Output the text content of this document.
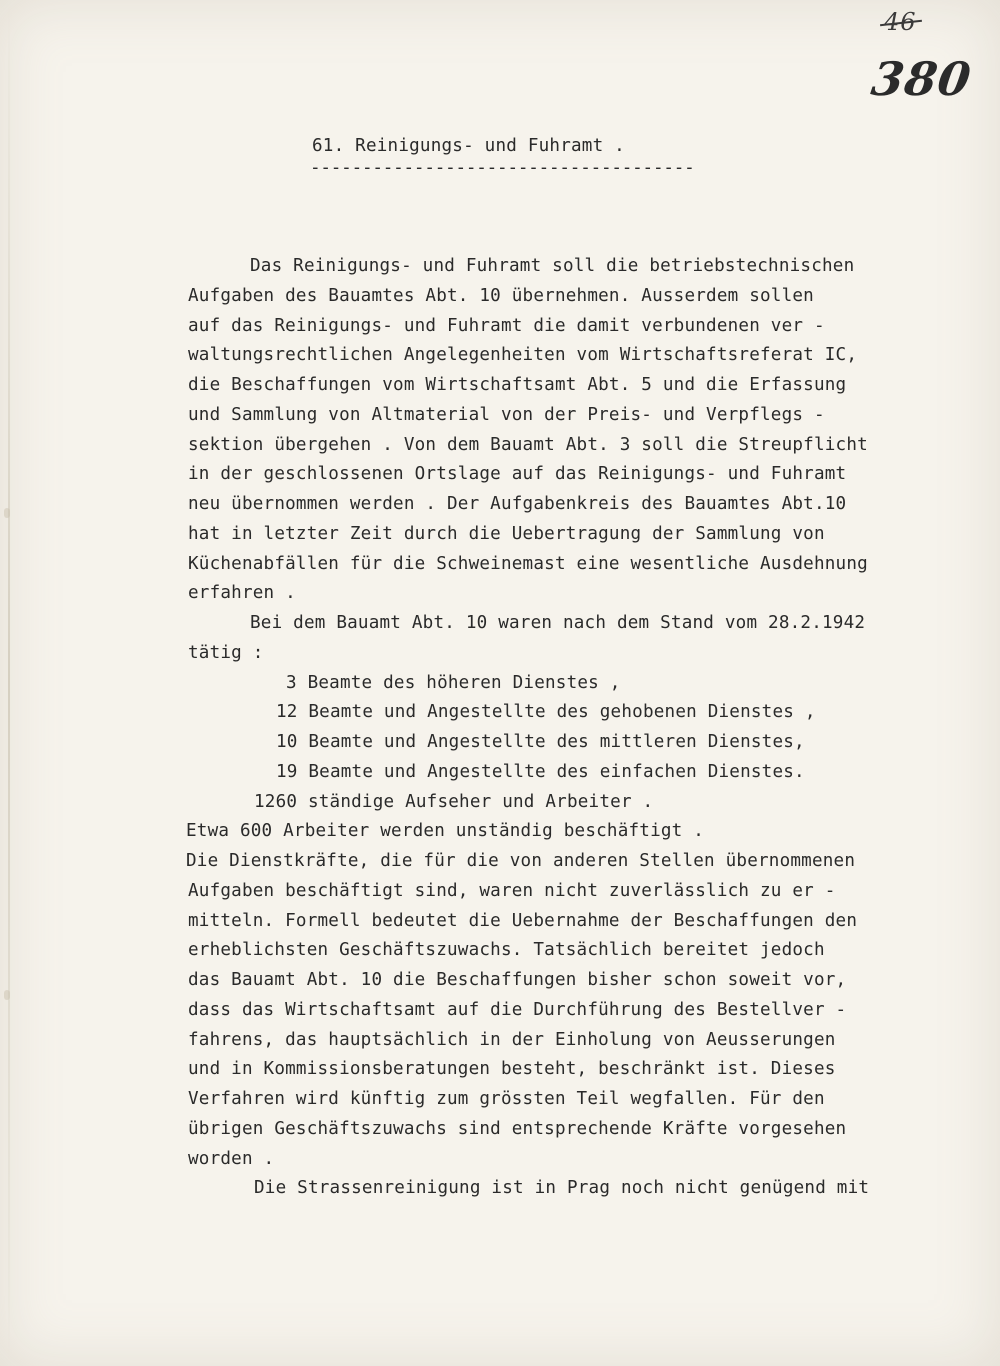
46
380
61. Reinigungs- und Fuhramt .
-------------------------------------
Das Reinigungs- und Fuhramt soll die betriebstechnischen
Aufgaben des Bauamtes Abt. 10 übernehmen. Ausserdem sollen
auf das Reinigungs- und Fuhramt die damit verbundenen ver -
waltungsrechtlichen Angelegenheiten vom Wirtschaftsreferat IC,
die Beschaffungen vom Wirtschaftsamt Abt. 5 und die Erfassung
und Sammlung von Altmaterial von der Preis- und Verpflegs -
sektion übergehen . Von dem Bauamt Abt. 3 soll die Streupflicht
in der geschlossenen Ortslage auf das Reinigungs- und Fuhramt
neu übernommen werden . Der Aufgabenkreis des Bauamtes Abt.10
hat in letzter Zeit durch die Uebertragung der Sammlung von
Küchenabfällen für die Schweinemast eine wesentliche Ausdehnung
erfahren .
Bei dem Bauamt Abt. 10 waren nach dem Stand vom 28.2.1942
tätig :
3 Beamte des höheren Dienstes ,
12 Beamte und Angestellte des gehobenen Dienstes ,
10 Beamte und Angestellte des mittleren Dienstes,
19 Beamte und Angestellte des einfachen Dienstes.
1260 ständige Aufseher und Arbeiter .
Etwa 600 Arbeiter werden unständig beschäftigt .
Die Dienstkräfte, die für die von anderen Stellen übernommenen
Aufgaben beschäftigt sind, waren nicht zuverlässlich zu er -
mitteln. Formell bedeutet die Uebernahme der Beschaffungen den
erheblichsten Geschäftszuwachs. Tatsächlich bereitet jedoch
das Bauamt Abt. 10 die Beschaffungen bisher schon soweit vor,
dass das Wirtschaftsamt auf die Durchführung des Bestellver -
fahrens, das hauptsächlich in der Einholung von Aeusserungen
und in Kommissionsberatungen besteht, beschränkt ist. Dieses
Verfahren wird künftig zum grössten Teil wegfallen. Für den
übrigen Geschäftszuwachs sind entsprechende Kräfte vorgesehen
worden .
Die Strassenreinigung ist in Prag noch nicht genügend mit
